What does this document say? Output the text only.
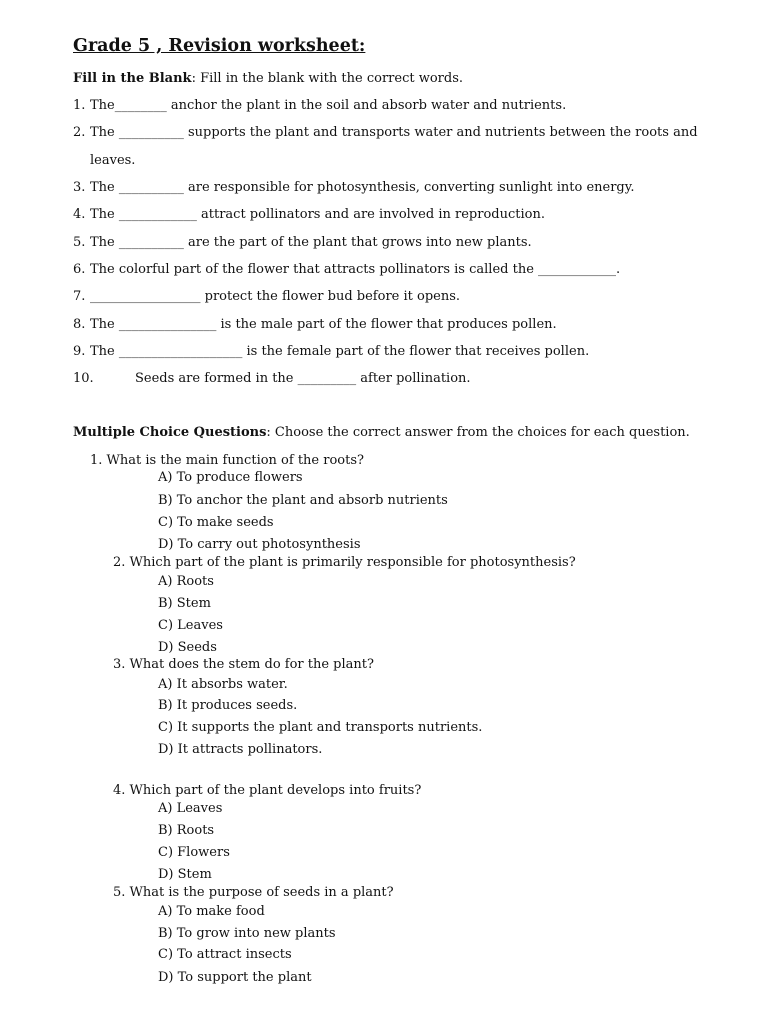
Grade 5 , Revision worksheet:
Fill in the Blank: Fill in the blank with the correct words.
1. The________ anchor the plant in the soil and absorb water and nutrients.
2. The __________ supports the plant and transports water and nutrients between the roots and
leaves.
3. The __________ are responsible for photosynthesis, converting sunlight into energy.
4. The ____________ attract pollinators and are involved in reproduction.
5. The __________ are the part of the plant that grows into new plants.
6. The colorful part of the flower that attracts pollinators is called the ____________.
7. _________________ protect the flower bud before it opens.
8. The _______________ is the male part of the flower that produces pollen.
9. The ___________________ is the female part of the flower that receives pollen.
10.	Seeds are formed in the _________ after pollination.
Multiple Choice Questions: Choose the correct answer from the choices for each question.
1. What is the main function of the roots?
A) To produce flowers
B) To anchor the plant and absorb nutrients
C) To make seeds
D) To carry out photosynthesis
2. Which part of the plant is primarily responsible for photosynthesis?
A) Roots
B) Stem
C) Leaves
D) Seeds
3. What does the stem do for the plant?
A) It absorbs water.
B) It produces seeds.
C) It supports the plant and transports nutrients.
D) It attracts pollinators.
4. Which part of the plant develops into fruits?
A) Leaves
B) Roots
C) Flowers
D) Stem
5. What is the purpose of seeds in a plant?
A) To make food
B) To grow into new plants
C) To attract insects
D) To support the plant
